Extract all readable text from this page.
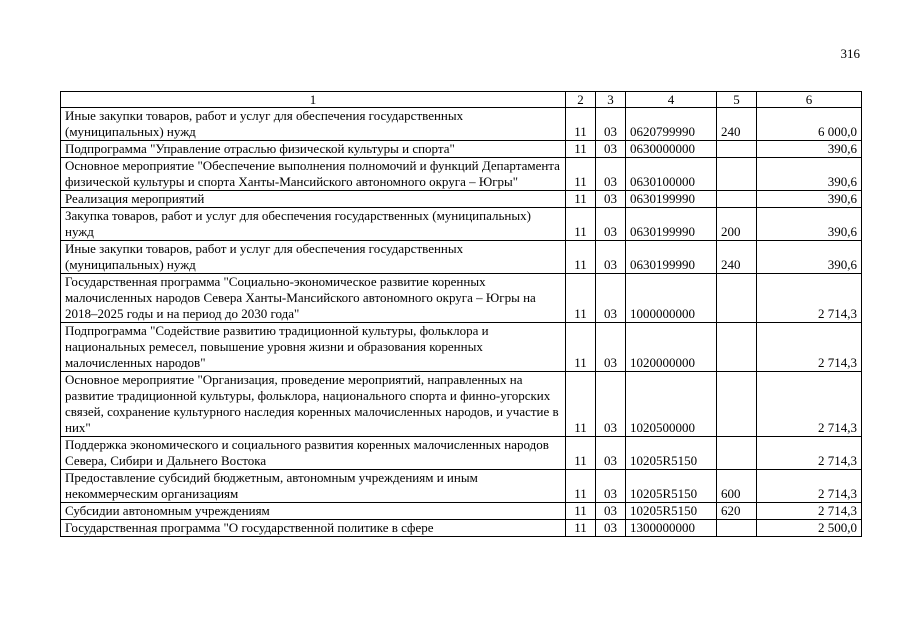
316
1	2	3	4	5	6
Иные закупки товаров, работ и услуг для обеспечения государственных (муниципальных) нужд	11	03	0620799990	240	6 000,0
Подпрограмма "Управление отраслью физической культуры и спорта"	11	03	0630000000		390,6
Основное мероприятие "Обеспечение выполнения полномочий и функций Департамента физической культуры и спорта Ханты-Мансийского автономного округа – Югры"	11	03	0630100000		390,6
Реализация мероприятий	11	03	0630199990		390,6
Закупка товаров, работ и услуг для обеспечения государственных (муниципальных) нужд	11	03	0630199990	200	390,6
Иные закупки товаров, работ и услуг для обеспечения государственных (муниципальных) нужд	11	03	0630199990	240	390,6
Государственная программа "Социально-экономическое развитие коренных малочисленных народов Севера Ханты-Мансийского автономного округа – Югры на 2018–2025 годы и на период до 2030 года"	11	03	1000000000		2 714,3
Подпрограмма "Содействие развитию традиционной культуры, фольклора и национальных ремесел, повышение уровня жизни и образования коренных малочисленных народов"	11	03	1020000000		2 714,3
Основное мероприятие "Организация, проведение мероприятий, направленных на развитие традиционной культуры, фольклора, национального спорта и финно-угорских связей, сохранение культурного наследия коренных малочисленных народов, и участие в них"	11	03	1020500000		2 714,3
Поддержка экономического и социального развития коренных малочисленных народов Севера, Сибири и Дальнего Востока	11	03	10205R5150		2 714,3
Предоставление субсидий бюджетным, автономным учреждениям и иным некоммерческим организациям	11	03	10205R5150	600	2 714,3
Субсидии автономным учреждениям	11	03	10205R5150	620	2 714,3
Государственная программа "О государственной политике в сфере	11	03	1300000000		2 500,0
